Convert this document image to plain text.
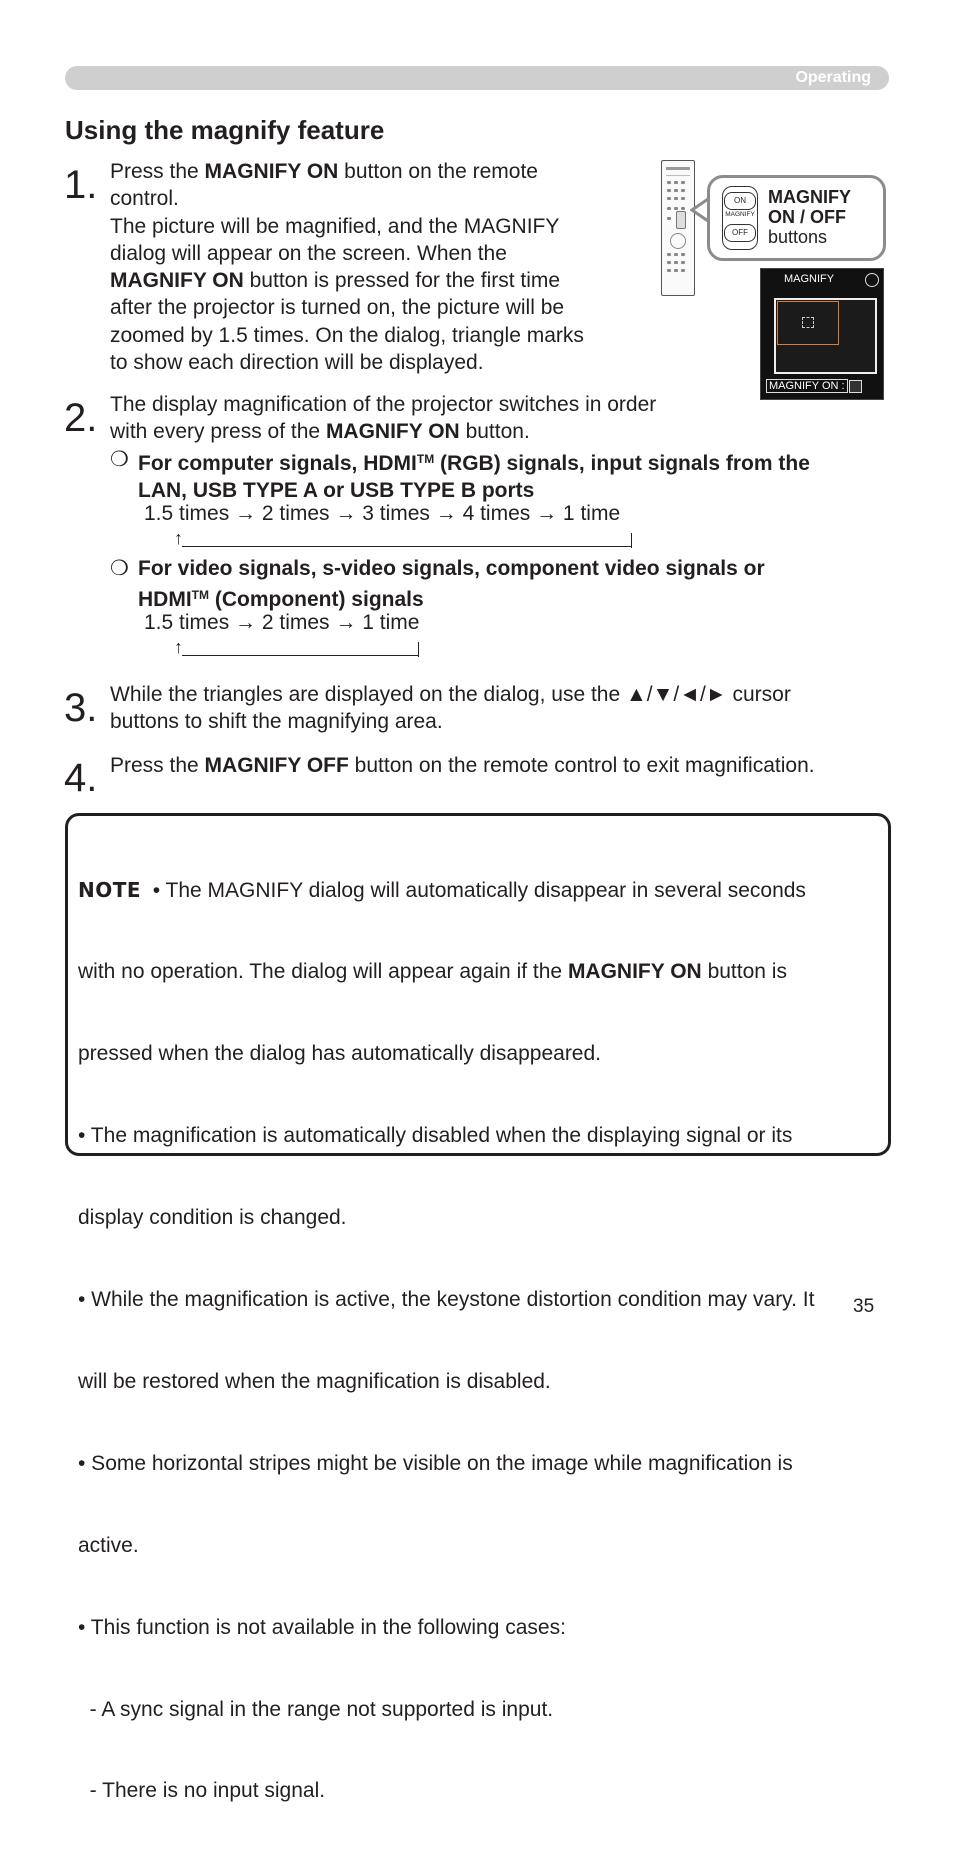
Operating
Using the magnify feature
1. Press the MAGNIFY ON button on the remote
control.
The picture will be magnified, and the MAGNIFY
dialog will appear on the screen. When the
MAGNIFY ON button is pressed for the first time
after the projector is turned on, the picture will be
zoomed by 1.5 times. On the dialog, triangle marks
to show each direction will be displayed.
ON
MAGNIFY
OFF
MAGNIFY
ON / OFF
buttons
MAGNIFY
MAGNIFY ON :
2. The display magnification of the projector switches in order
with every press of the MAGNIFY ON button.
❍ For computer signals, HDMI™ (RGB) signals, input signals from the
LAN, USB TYPE A or USB TYPE B ports
1.5 times → 2 times → 3 times → 4 times → 1 time
↑
❍ For video signals, s-video signals, component video signals or
HDMI™ (Component) signals
1.5 times → 2 times → 1 time
↑
3. While the triangles are displayed on the dialog, use the ▲/▼/◄/► cursor
buttons to shift the magnifying area.
4. Press the MAGNIFY OFF button on the remote control to exit magnification.

NOTE  • The MAGNIFY dialog will automatically disappear in several seconds

with no operation. The dialog will appear again if the MAGNIFY ON button is

pressed when the dialog has automatically disappeared.

• The magnification is automatically disabled when the displaying signal or its

display condition is changed.

• While the magnification is active, the keystone distortion condition may vary. It

will be restored when the magnification is disabled.

• Some horizontal stripes might be visible on the image while magnification is

active.

• This function is not available in the following cases:

- A sync signal in the range not supported is input.

- There is no input signal.

35
